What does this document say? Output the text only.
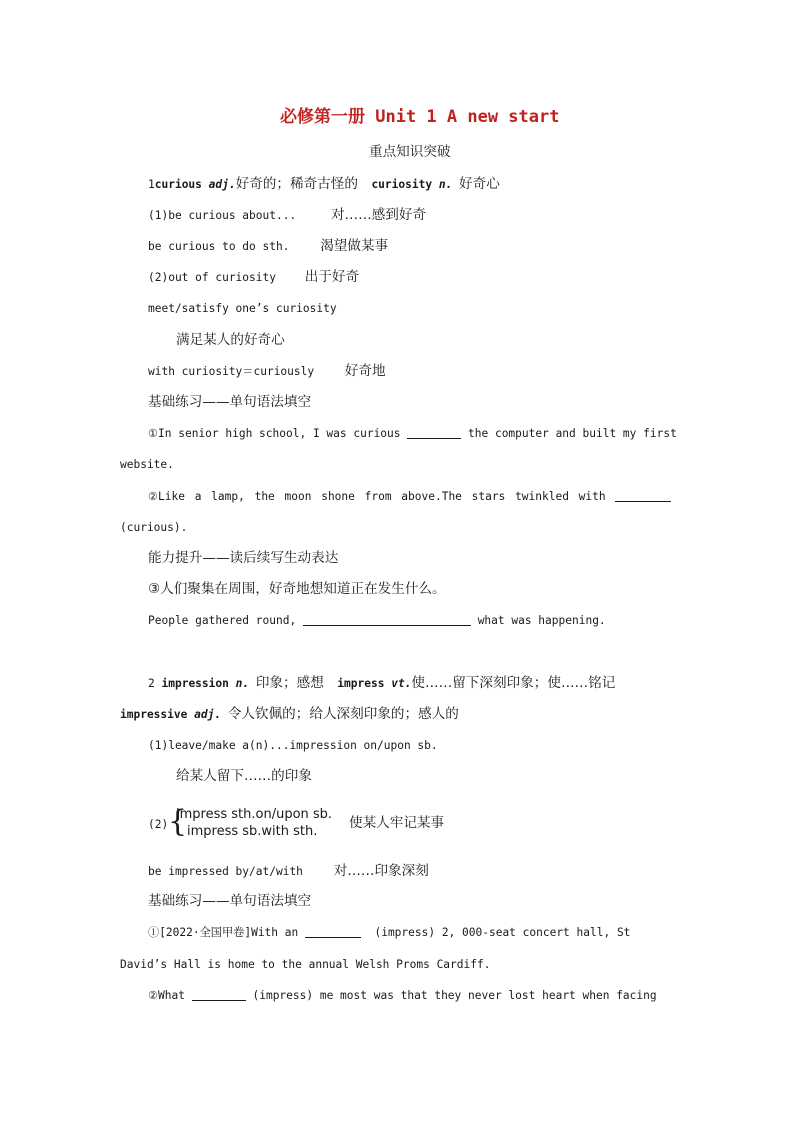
必修第一册 Unit 1 A new start
重点知识突破
1curious adj.好奇的；稀奇古怪的 curiosity n. 好奇心
(1)be curious about...	对……感到好奇
be curious to do sth. 渴望做某事
(2)out of curiosity 出于好奇
meet/satisfy one’s curiosity
满足某人的好奇心
with curiosity＝curiously 好奇地
基础练习——单句语法填空
①In senior high school, I was curious	the computer and built my first
website.
②Like a lamp, the moon shone from above.The stars twinkled with
(curious).
能力提升——读后续写生动表达
③人们聚集在周围，好奇地想知道正在发生什么。
People gathered round,	what was happening.
2 impression n. 印象；感想 impress vt.使……留下深刻印象；使……铭记
impressive adj. 令人钦佩的；给人深刻印象的；感人的
(1)leave/make a(n)...impression on/upon sb.
给某人留下……的印象
(2) {
impress sth.on/upon sb.
impress sb.with sth.
使某人牢记某事
be impressed by/at/with 对……印象深刻
基础练习——单句语法填空
①[2022·全国甲卷]With an	(impress) 2, 000-seat concert hall, St
David’s Hall is home to the annual Welsh Proms Cardiff.
②What	(impress) me most was that they never lost heart when facing
